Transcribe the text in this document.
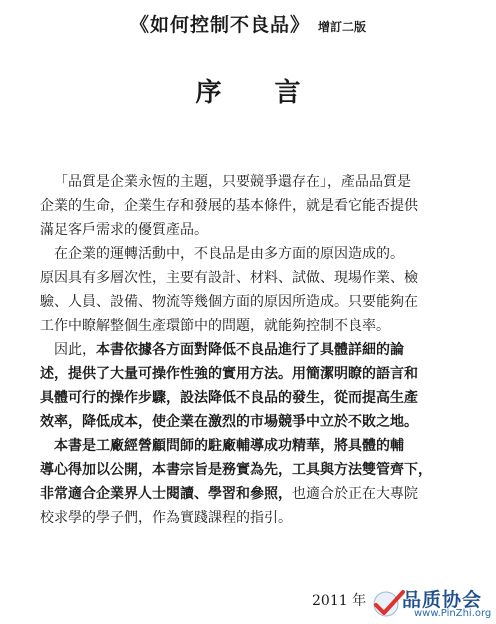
《如何控制不良品》 增訂二版
序 言
「品質是企業永恆的主題，只要競爭還存在」，產品品質是
企業的生命，企業生存和發展的基本條件，就是看它能否提供
滿足客戶需求的優質產品。
在企業的運轉活動中，不良品是由多方面的原因造成的。
原因具有多層次性，主要有設計、材料、試做、現場作業、檢
驗、人員、設備、物流等幾個方面的原因所造成。只要能夠在
工作中瞭解整個生產環節中的問題，就能夠控制不良率。
因此，本書依據各方面對降低不良品進行了具體詳細的論
述，提供了大量可操作性強的實用方法。用簡潔明瞭的語言和
具體可行的操作步驟，設法降低不良品的發生，從而提高生產
效率，降低成本，使企業在激烈的市場競爭中立於不敗之地。
本書是工廠經營顧問師的駐廠輔導成功精華，將具體的輔
導心得加以公開，本書宗旨是務實為先，工具與方法雙管齊下，
非常適合企業界人士閱讀、學習和參照，也適合於正在大專院
校求學的學子們，作為實踐課程的指引。
2011 年 品质协会
www.PinZhi.org
